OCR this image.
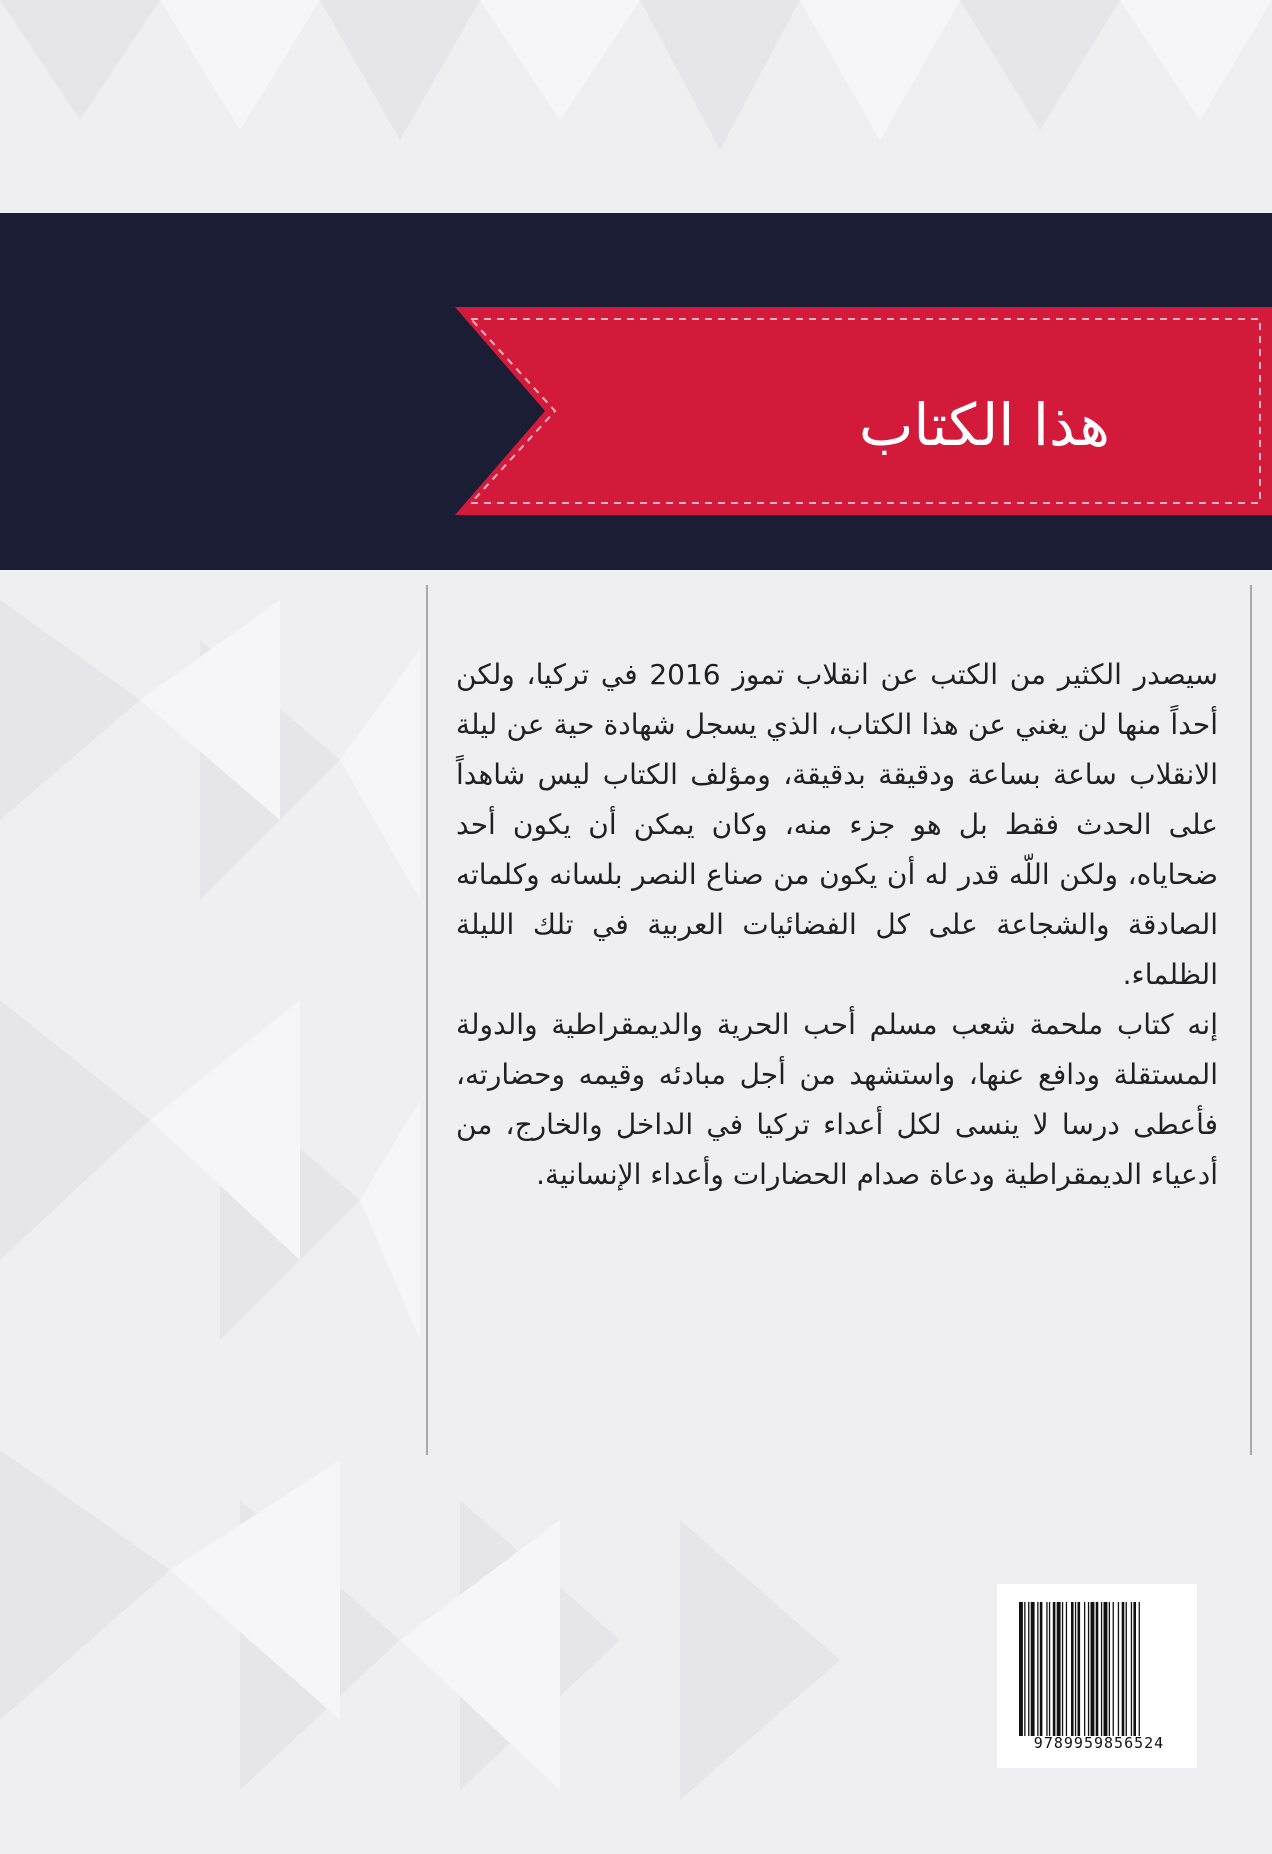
هذا الكتاب

سيصدر الكثير من الكتب عن انقلاب تموز 2016 في تركيا، ولكن أحداً منها لن يغني عن هذا الكتاب، الذي يسجل شهادة حية عن ليلة الانقلاب ساعة بساعة ودقيقة بدقيقة، ومؤلف الكتاب ليس شاهداً على الحدث فقط بل هو جزء منه، وكان يمكن أن يكون أحد ضحاياه، ولكن اللّه قدر له أن يكون من صناع النصر بلسانه وكلماته الصادقة والشجاعة على كل الفضائيات العربية في تلك الليلة الظلماء.

إنه كتاب ملحمة شعب مسلم أحب الحرية والديمقراطية والدولة المستقلة ودافع عنها، واستشهد من أجل مبادئه وقيمه وحضارته، فأعطى درسا لا ينسى لكل أعداء تركيا في الداخل والخارج، من أدعياء الديمقراطية ودعاة صدام الحضارات وأعداء الإنسانية.

9789959856524
